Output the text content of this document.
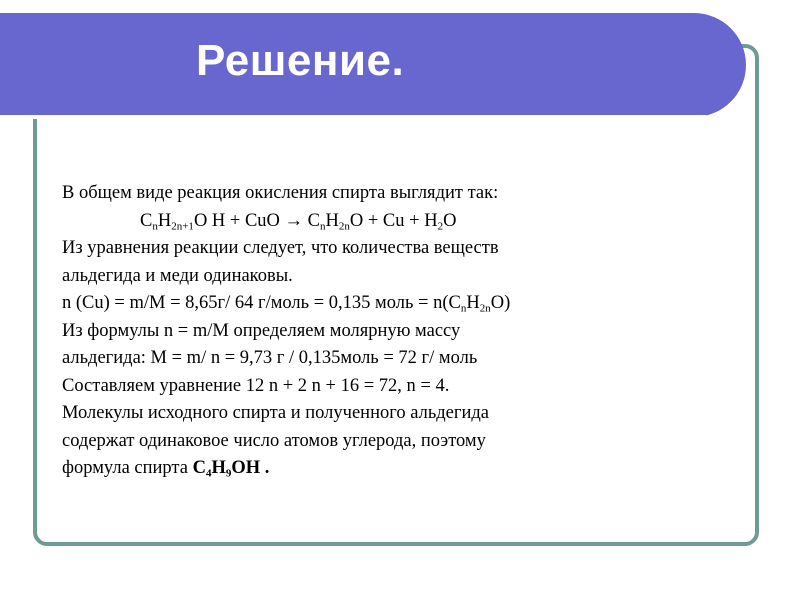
Решение.
В общем виде реакция окисления спирта выглядит так:
$C_nH_{2n+1}O$ H + CuO → $C_nH_{2n}O + Cu + H_2O$
Из уравнения реакции следует, что количества веществ
альдегида и меди одинаковы.
n (Cu) = m/M = 8,65г/ 64 г/моль = 0,135 моль = $n(C_nH_{2n}O)$
Из формулы n = m/M определяем молярную массу
альдегида: M = m/ n = 9,73 г / 0,135моль = 72 г/ моль
Составляем уравнение 12 n + 2 n + 16 = 72, n = 4.
Молекулы исходного спирта и полученного альдегида
содержат одинаковое число атомов углерода, поэтому
формула спирта $C_4H_9OH$ .
